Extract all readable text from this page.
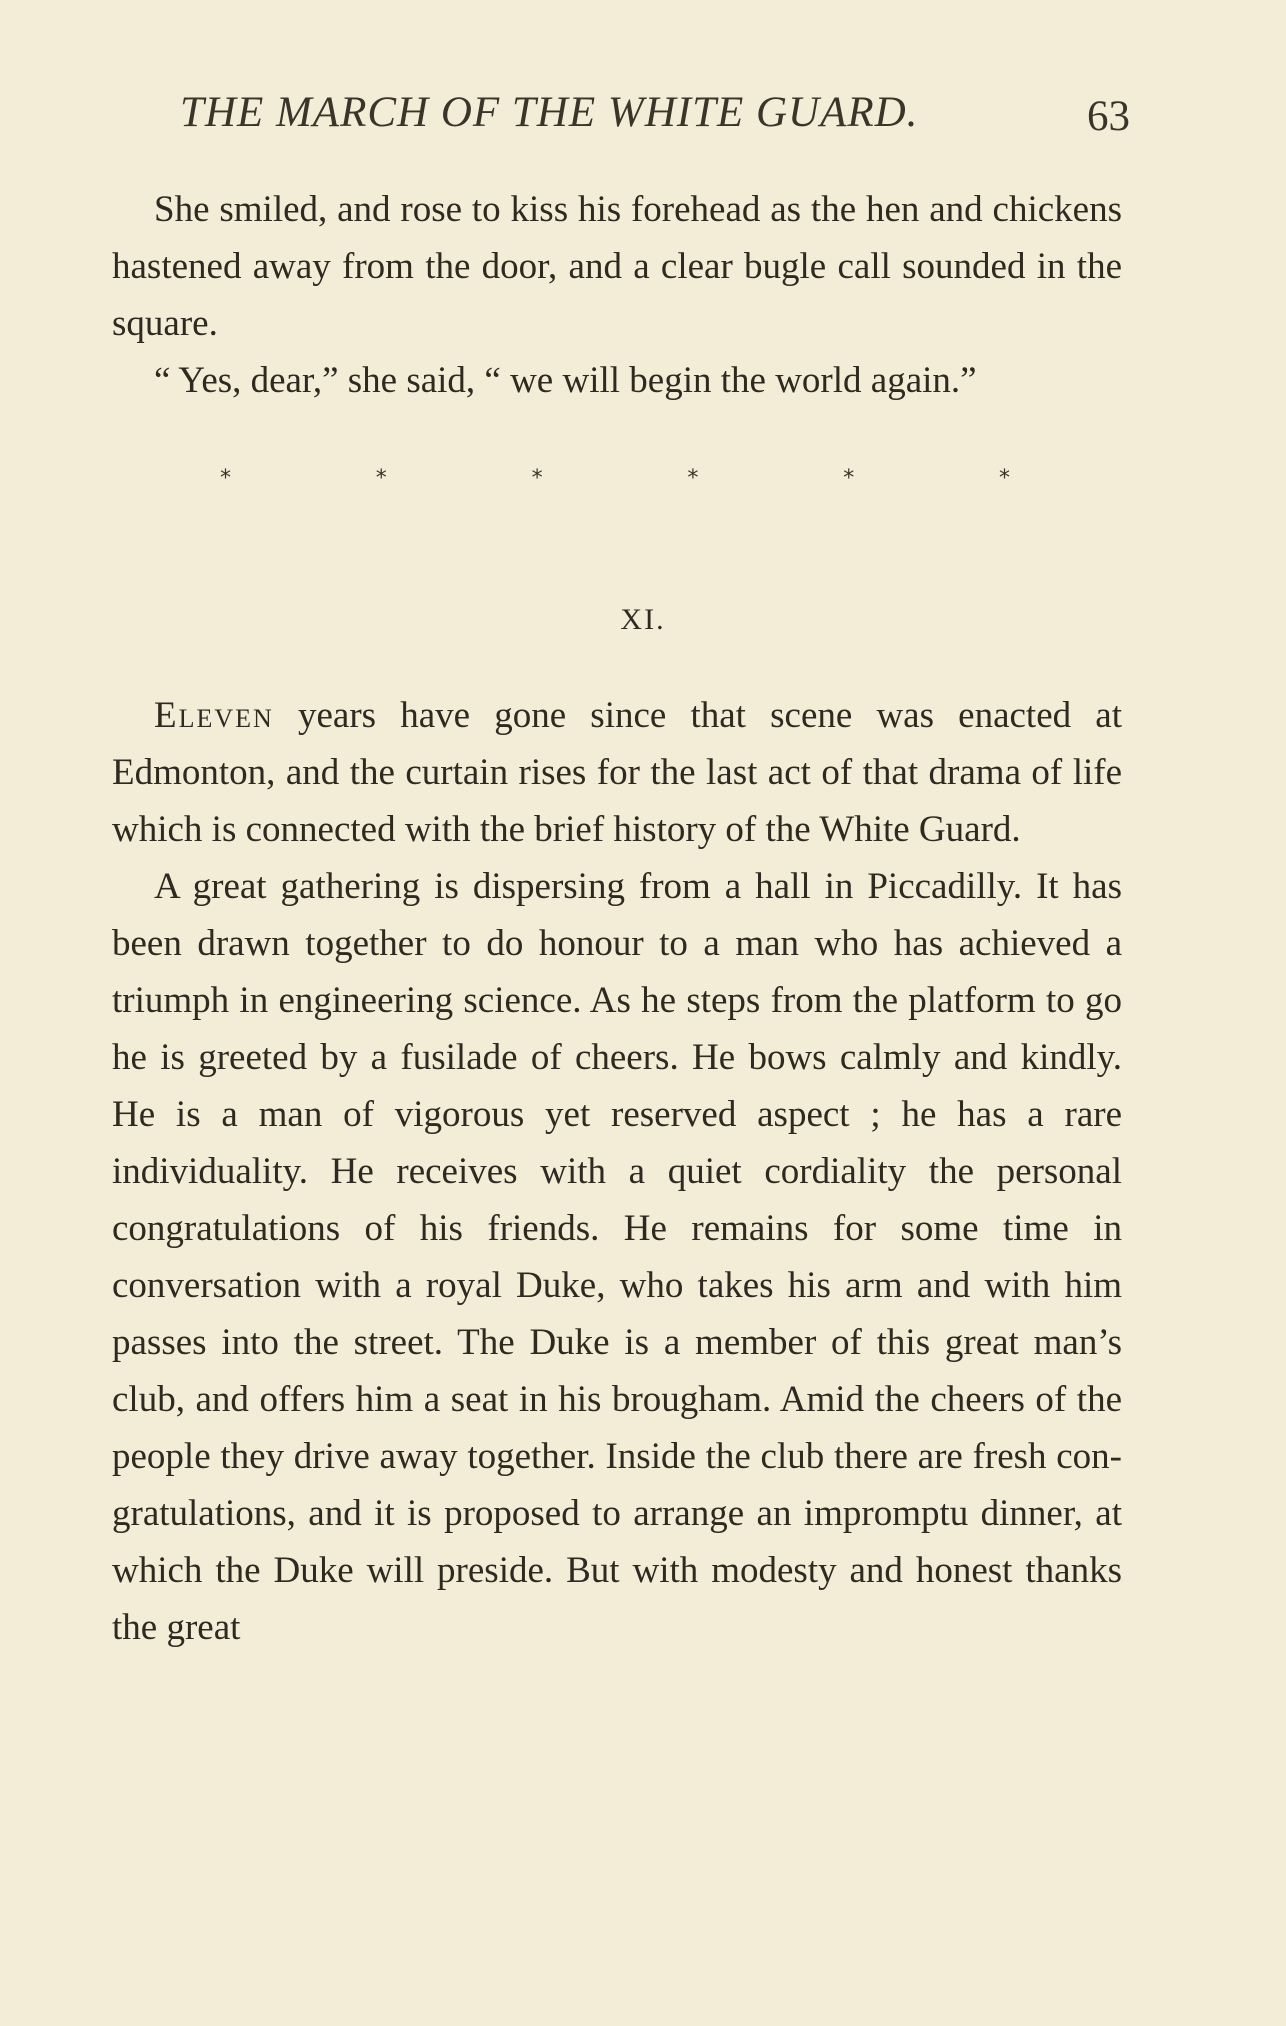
THE MARCH OF THE WHITE GUARD.	63

She smiled, and rose to kiss his forehead as the hen and chickens hastened away from the door, and a clear bugle call sounded in the square.

“ Yes, dear,” she said, “ we will begin the world again.”

*	*	*	*	*	*
XI.

Eleven years have gone since that scene was enacted at Edmonton, and the curtain rises for the last act of that drama of life which is connected with the brief history of the White Guard.

A great gathering is dispersing from a hall in Piccadilly. It has been drawn together to do honour to a man who has achieved a triumph in engineering science. As he steps from the platform to go he is greeted by a fusilade of cheers. He bows calmly and kindly. He is a man of vigorous yet reserved aspect ; he has a rare individuality. He receives with a quiet cordiality the personal congratulations of his friends. He remains for some time in conversation with a royal Duke, who takes his arm and with him passes into the street. The Duke is a member of this great man’s club, and offers him a seat in his brougham. Amid the cheers of the people they drive away together. Inside the club there are fresh congratulations, and it is proposed to arrange an impromptu dinner, at which the Duke will preside. But with modesty and honest thanks the great
